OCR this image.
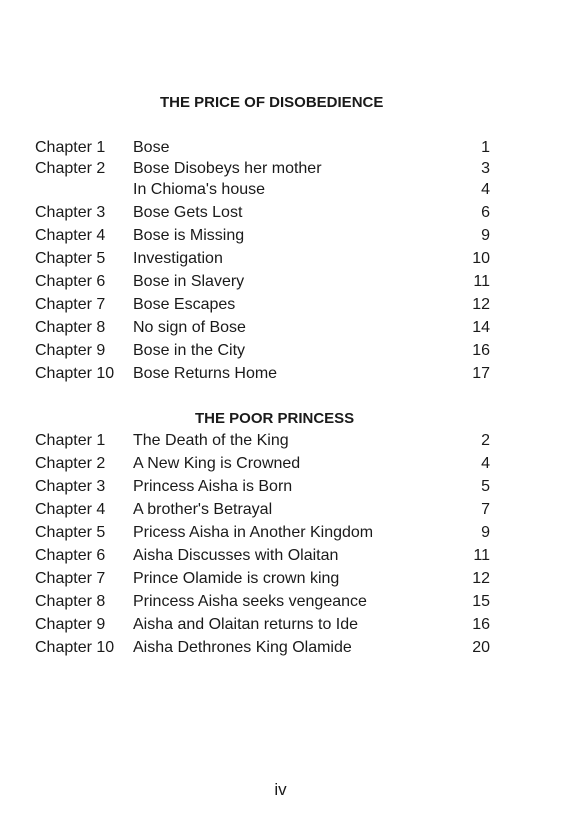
THE PRICE OF DISOBEDIENCE
Chapter 1 Bose	1
Chapter 2 Bose Disobeys her mother	3
In Chioma's house	4
Chapter 3 Bose Gets Lost	6
Chapter 4 Bose is Missing	9
Chapter 5 Investigation	10
Chapter 6 Bose in Slavery	11
Chapter 7 Bose Escapes	12
Chapter 8 No sign of Bose	14
Chapter 9 Bose in the City	16
Chapter 10 Bose Returns Home	17
THE POOR PRINCESS
Chapter 1 The Death of the King	2
Chapter 2 A New King is Crowned	4
Chapter 3 Princess Aisha is Born	5
Chapter 4 A brother's Betrayal	7
Chapter 5 Pricess Aisha in Another Kingdom	9
Chapter 6 Aisha Discusses with Olaitan	11
Chapter 7 Prince Olamide is crown king	12
Chapter 8 Princess Aisha seeks vengeance	15
Chapter 9 Aisha and Olaitan returns to Ide	16
Chapter 10 Aisha Dethrones King Olamide	20
iv
